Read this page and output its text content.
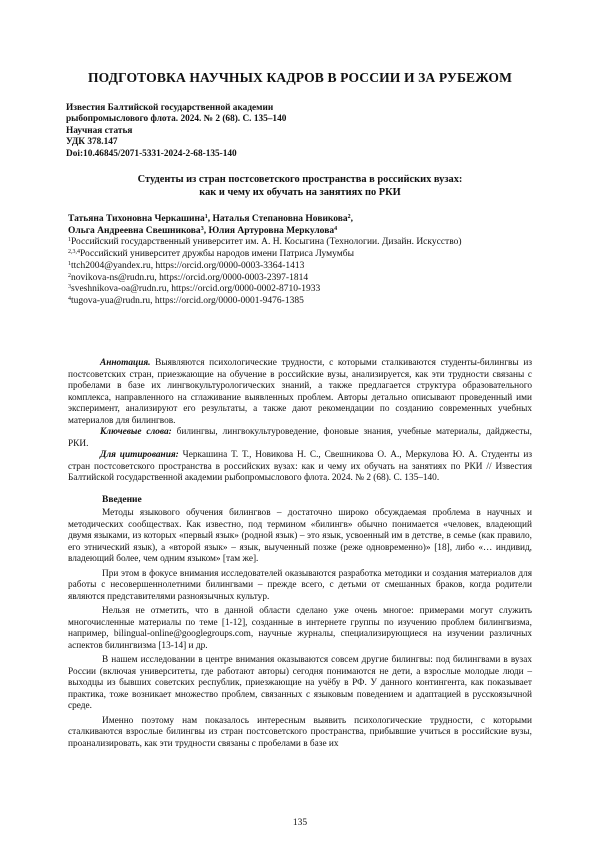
ПОДГОТОВКА НАУЧНЫХ КАДРОВ В РОССИИ И ЗА РУБЕЖОМ
Известия Балтийской государственной академии
рыбопромыслового флота. 2024. № 2 (68). С. 135–140
Научная статья
УДК 378.147
Doi:10.46845/2071-5331-2024-2-68-135-140
Студенты из стран постсоветского пространства в российских вузах:
как и чему их обучать на занятиях по РКИ
Татьяна Тихоновна Черкашина$^1$, Наталья Степановна Новикова$^2$,
Ольга Андреевна Свешникова$^3$, Юлия Артуровна Меркулова$^4$
$^1$Российский государственный университет им. А. Н. Косыгина (Технологии. Дизайн. Искусство)
$^{2,3,4}$Российский университет дружбы народов имени Патриса Лумумбы
$^1$ttch2004@yandex.ru, https://orcid.org/0000-0003-3364-1413
$^2$novikova-ns@rudn.ru, https://orcid.org/0000-0003-2397-1814
$^3$sveshnikova-oa@rudn.ru, https://orcid.org/0000-0002-8710-1933
$^4$tugova-yua@rudn.ru, https://orcid.org/0000-0001-9476-1385

Аннотация. Выявляются психологические трудности, с которыми сталкиваются студенты-билингвы из постсоветских стран, приезжающие на обучение в российские вузы, анализируется, как эти трудности связаны с пробелами в базе их лингвокультурологических знаний, а также предлагается структура образовательного комплекса, направленного на сглаживание выявленных проблем. Авторы детально описывают проведенный ими эксперимент, анализируют его результаты, а также дают рекомендации по созданию современных учебных материалов для билингвов.

Ключевые слова: билингвы, лингвокультуроведение, фоновые знания, учебные материалы, дайджесты, РКИ.

Для цитирования: Черкашина Т. Т., Новикова Н. С., Свешникова О. А., Меркулова Ю. А. Студенты из стран постсоветского пространства в российских вузах: как и чему их обучать на занятиях по РКИ // Известия Балтийской государственной академии рыбопромыслового флота. 2024. № 2 (68). С. 135–140.

Введение

Методы языкового обучения билингвов – достаточно широко обсуждаемая проблема в научных и методических сообществах. Как известно, под термином «билингв» обычно понимается «человек, владеющий двумя языками, из которых «первый язык» (родной язык) – это язык, усвоенный им в детстве, в семье (как правило, его этнический язык), а «второй язык» – язык, выученный позже (реже одновременно)» [18], либо «… индивид, владеющий более, чем одним языком» [там же].

При этом в фокусе внимания исследователей оказываются разработка методики и создания материалов для работы с несовершеннолетними билингвами – прежде всего, с детьми от смешанных браков, когда родители являются представителями разноязычных культур.

Нельзя не отметить, что в данной области сделано уже очень многое: примерами могут служить многочисленные материалы по теме [1-12], созданные в интернете группы по изучению проблем билингвизма, например, bilingual-online@googlegroups.com, научные журналы, специализирующиеся на изучении различных аспектов билингвизма [13-14] и др.

В нашем исследовании в центре внимания оказываются совсем другие билингвы: под билингвами в вузах России (включая университеты, где работают авторы) сегодня понимаются не дети, а взрослые молодые люди – выходцы из бывших советских республик, приезжающие на учёбу в РФ. У данного контингента, как показывает практика, тоже возникает множество проблем, связанных с языковым поведением и адаптацией в русскоязычной среде.

Именно поэтому нам показалось интересным выявить психологические трудности, с которыми сталкиваются взрослые билингвы из стран постсоветского пространства, прибывшие учиться в российские вузы, проанализировать, как эти трудности связаны с пробелами в базе их

135
